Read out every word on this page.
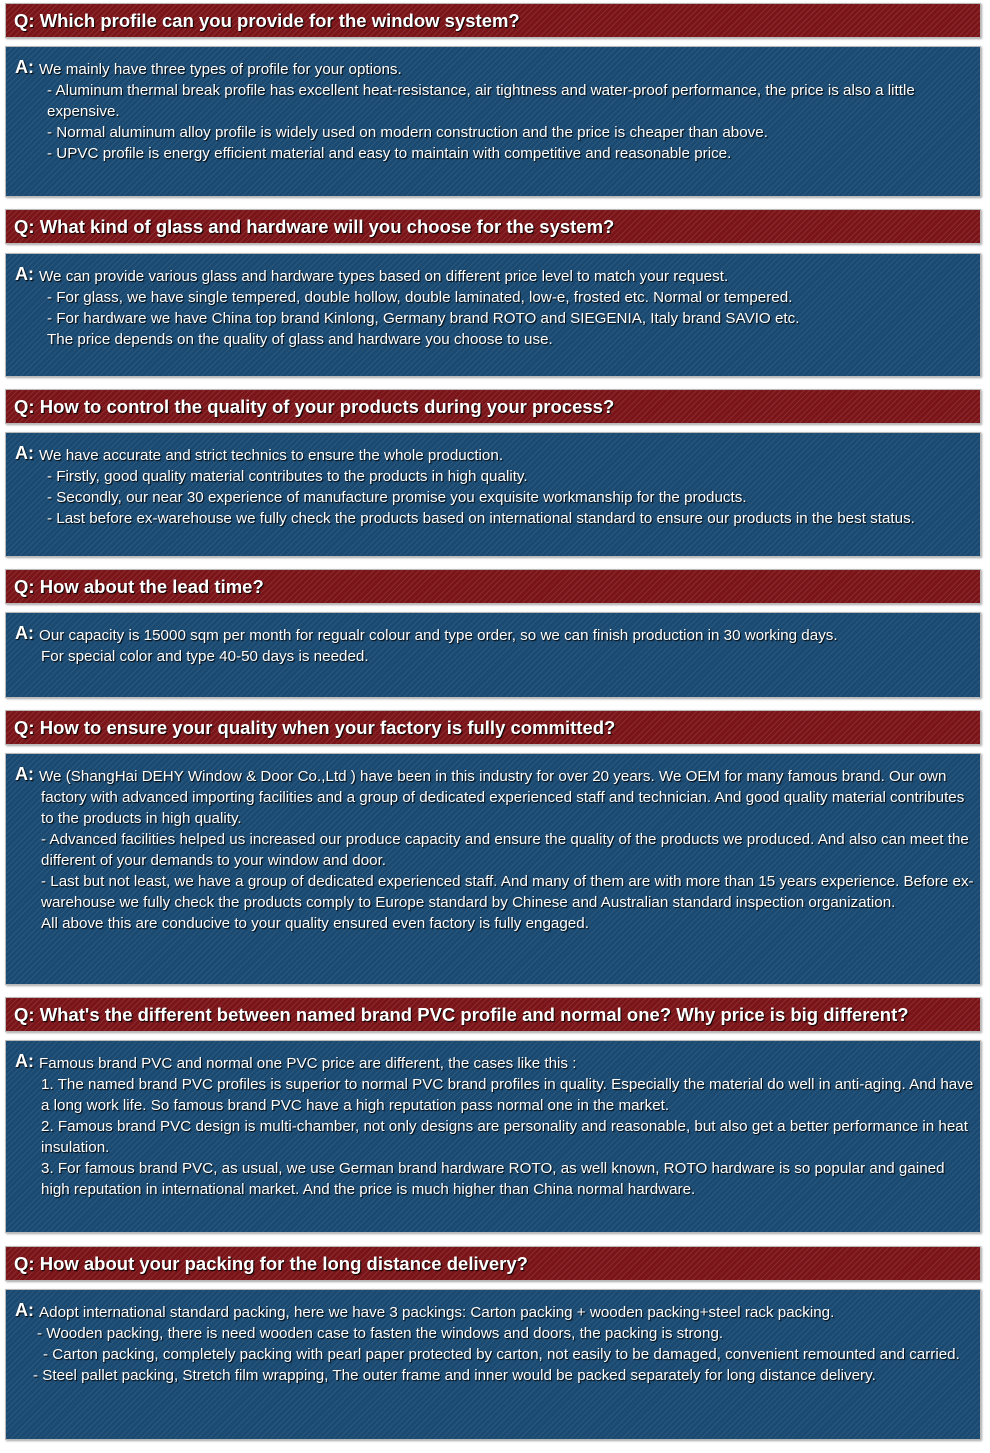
Q:
Which profile can you provide for the window system?
A: We mainly have three types of profile for your options.
- Aluminum thermal break profile has excellent heat-resistance, air tightness and water-proof performance, the price is also a little expensive.
- Normal aluminum alloy profile is widely used on modern construction and the price is cheaper than above.
- UPVC profile is energy efficient material and easy to maintain with competitive and reasonable price.
Q:
What kind of glass and hardware will you choose for the system?
A: We can provide various glass and hardware types based on different price level to match your request.
- For glass, we have single tempered, double hollow, double laminated, low-e, frosted etc. Normal or tempered.
- For hardware we have China top brand Kinlong, Germany brand ROTO and SIEGENIA, Italy brand SAVIO etc.
The price depends on the quality of glass and hardware you choose to use.
Q:
How to control the quality of your products during your process?
A: We have accurate and strict technics to ensure the whole production.
- Firstly, good quality material contributes to the products in high quality.
- Secondly, our near 30 experience of manufacture promise you exquisite workmanship for the products.
- Last before ex-warehouse we fully check the products based on international standard to ensure our products in the best status.
Q:
How about the lead time?
A: Our capacity is 15000 sqm per month for regualr colour and type order, so we can finish production in 30 working days.
For special color and type 40-50 days is needed.
Q:
How to ensure your quality when your factory is fully committed?
A: We (ShangHai DEHY Window & Door Co.,Ltd ) have been in this industry for over 20 years. We OEM for many famous brand. Our own factory with advanced importing facilities and a group of dedicated experienced staff and technician. And good quality material contributes to the products in high quality.
- Advanced facilities helped us increased our produce capacity and ensure the quality of the products we produced. And also can meet the different of your demands to your window and door.
- Last but not least, we have a group of dedicated experienced staff. And many of them are with more than 15 years experience. Before ex-warehouse we fully check the products comply to Europe standard by Chinese and Australian standard inspection organization.
All above this are conducive to your quality ensured even factory is fully engaged.
Q:
What's the different between named brand PVC profile and normal one? Why price is big different?
A: Famous brand PVC and normal one PVC price are different, the cases like this :
1. The named brand PVC profiles is superior to normal PVC brand profiles in quality. Especially the material do well in anti-aging. And have a long work life. So famous brand PVC have a high reputation pass normal one in the market.
2. Famous brand PVC design is multi-chamber, not only designs are personality and reasonable, but also get a better performance in heat insulation.
3. For famous brand PVC, as usual, we use German brand hardware ROTO, as well known, ROTO hardware is so popular and gained high reputation in international market. And the price is much higher than China normal hardware.
Q:
How about your packing for the long distance delivery?
A: Adopt international standard packing, here we have 3 packings: Carton packing + wooden packing+steel rack packing.
- Wooden packing, there is need wooden case to fasten the windows and doors, the packing is strong.
- Carton packing, completely packing with pearl paper protected by carton, not easily to be damaged, convenient remounted and carried.
- Steel pallet packing, Stretch film wrapping, The outer frame and inner would be packed separately for long distance delivery.
